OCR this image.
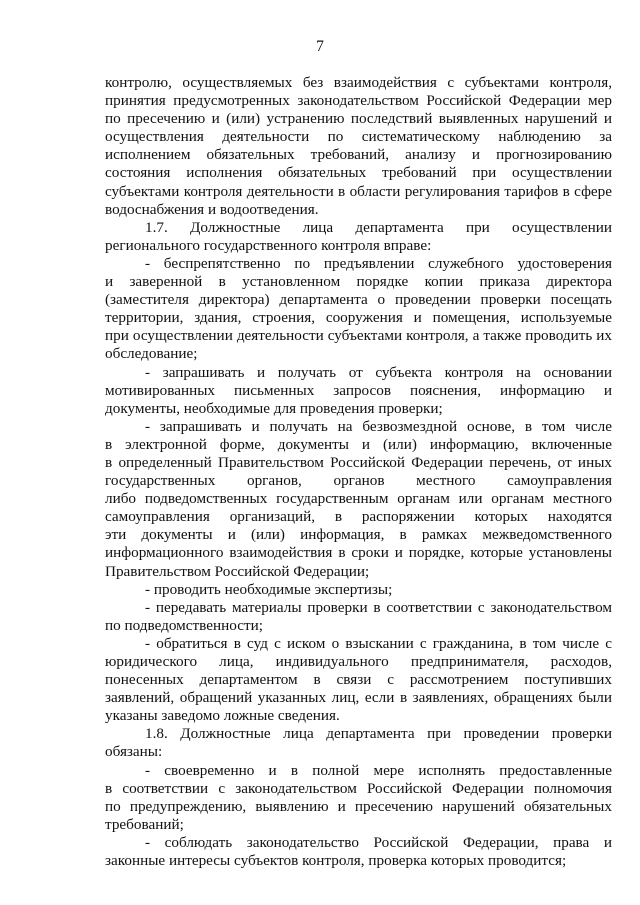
7
контролю, осуществляемых без взаимодействия с субъектами контроля,
принятия предусмотренных законодательством Российской Федерации мер
по пресечению и (или) устранению последствий выявленных нарушений и
осуществления деятельности по систематическому наблюдению за
исполнением обязательных требований, анализу и прогнозированию
состояния исполнения обязательных требований при осуществлении
субъектами контроля деятельности в области регулирования тарифов в сфере
водоснабжения и водоотведения.
1.7. Должностные лица департамента при осуществлении
регионального государственного контроля вправе:
- беспрепятственно по предъявлении служебного удостоверения
и заверенной в установленном порядке копии приказа директора
(заместителя директора) департамента о проведении проверки посещать
территории, здания, строения, сооружения и помещения, используемые
при осуществлении деятельности субъектами контроля, а также проводить их
обследование;
- запрашивать и получать от субъекта контроля на основании
мотивированных письменных запросов пояснения, информацию и
документы, необходимые для проведения проверки;
- запрашивать и получать на безвозмездной основе, в том числе
в электронной форме, документы и (или) информацию, включенные
в определенный Правительством Российской Федерации перечень, от иных
государственных органов, органов местного самоуправления
либо подведомственных государственным органам или органам местного
самоуправления организаций, в распоряжении которых находятся
эти документы и (или) информация, в рамках межведомственного
информационного взаимодействия в сроки и порядке, которые установлены
Правительством Российской Федерации;
- проводить необходимые экспертизы;
- передавать материалы проверки в соответствии с законодательством
по подведомственности;
- обратиться в суд с иском о взыскании с гражданина, в том числе с
юридического лица, индивидуального предпринимателя, расходов,
понесенных департаментом в связи с рассмотрением поступивших
заявлений, обращений указанных лиц, если в заявлениях, обращениях были
указаны заведомо ложные сведения.
1.8. Должностные лица департамента при проведении проверки
обязаны:
- своевременно и в полной мере исполнять предоставленные
в соответствии с законодательством Российской Федерации полномочия
по предупреждению, выявлению и пресечению нарушений обязательных
требований;
- соблюдать законодательство Российской Федерации, права и
законные интересы субъектов контроля, проверка которых проводится;
